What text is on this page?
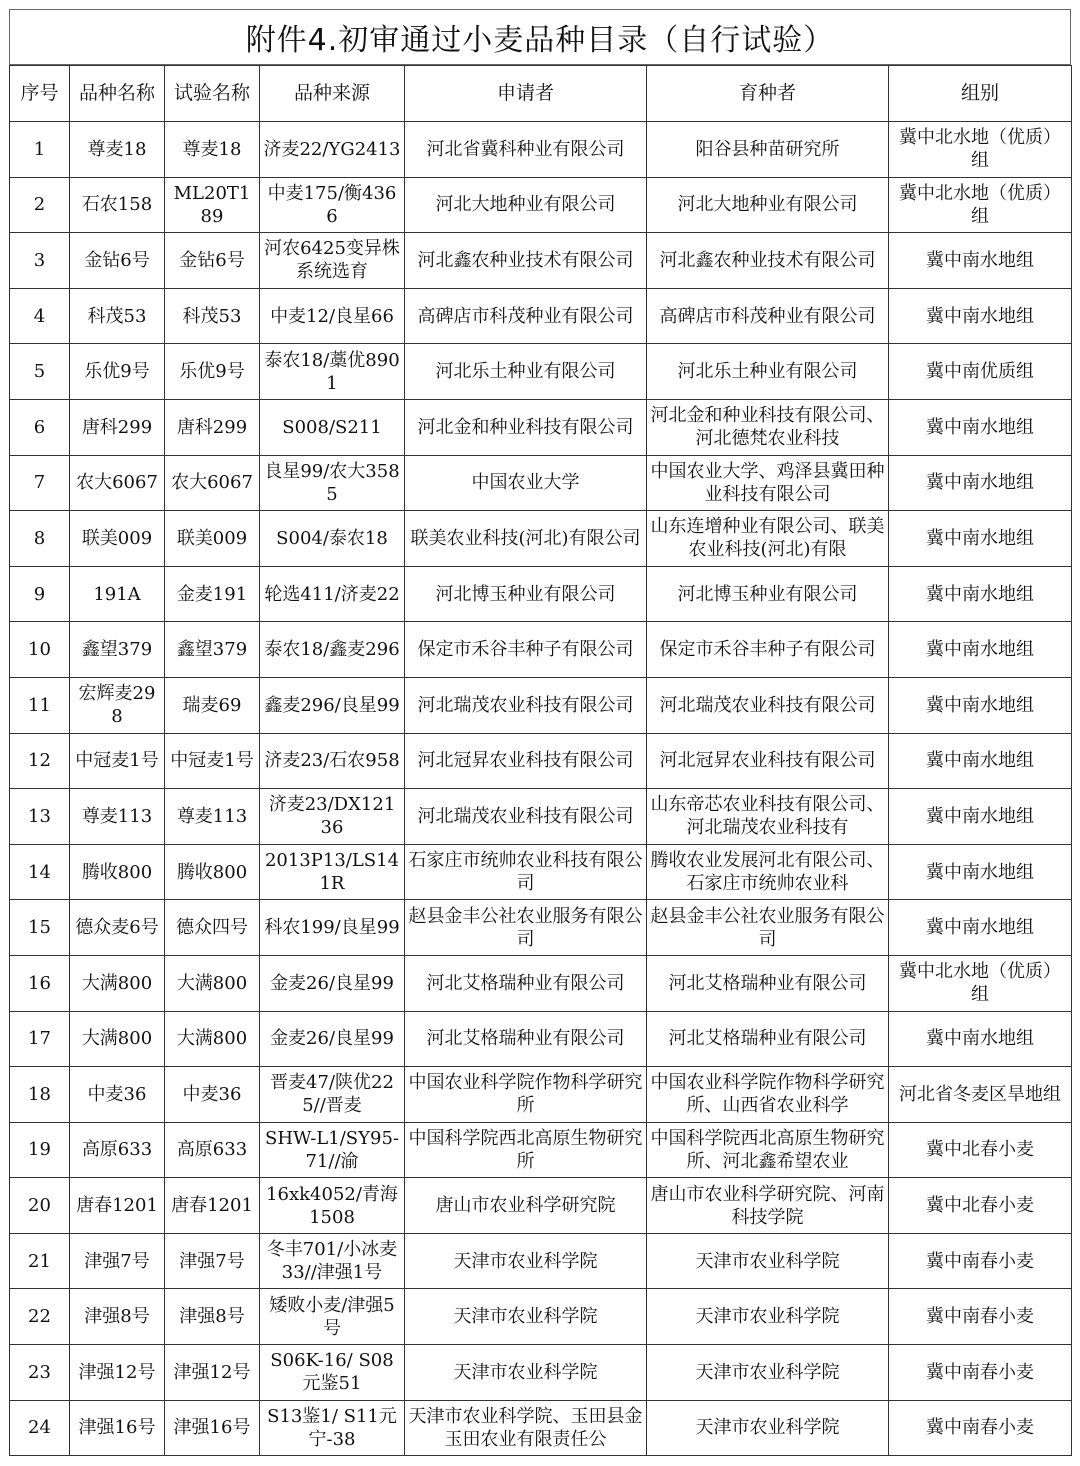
附件4.初审通过小麦品种目录（自行试验）
序号	品种名称	试验名称	品种来源	申请者	育种者	组别

1	尊麦18	尊麦18	济麦22/YG2413	河北省冀科种业有限公司	阳谷县种苗研究所	冀中北水地（优质）组

2	石农158	ML20T189	中麦175/衡4366	河北大地种业有限公司	河北大地种业有限公司	冀中北水地（优质）组

3	金钻6号	金钻6号	河农6425变异株系统选育	河北鑫农种业技术有限公司	河北鑫农种业技术有限公司	冀中南水地组

4	科茂53	科茂53	中麦12/良星66	高碑店市科茂种业有限公司	高碑店市科茂种业有限公司	冀中南水地组

5	乐优9号	乐优9号	泰农18/藁优8901	河北乐土种业有限公司	河北乐土种业有限公司	冀中南优质组

6	唐科299	唐科299	S008/S211	河北金和种业科技有限公司	河北金和种业科技有限公司、河北德梵农业科技	冀中南水地组

7	农大6067	农大6067	良星99/农大3585	中国农业大学	中国农业大学、鸡泽县冀田种业科技有限公司	冀中南水地组

8	联美009	联美009	S004/泰农18	联美农业科技(河北)有限公司	山东连增种业有限公司、联美农业科技(河北)有限	冀中南水地组

9	191A	金麦191	轮选411/济麦22	河北博玉种业有限公司	河北博玉种业有限公司	冀中南水地组

10	鑫望379	鑫望379	泰农18/鑫麦296	保定市禾谷丰种子有限公司	保定市禾谷丰种子有限公司	冀中南水地组

11	宏辉麦298	瑞麦69	鑫麦296/良星99	河北瑞茂农业科技有限公司	河北瑞茂农业科技有限公司	冀中南水地组

12	中冠麦1号	中冠麦1号	济麦23/石农958	河北冠昇农业科技有限公司	河北冠昇农业科技有限公司	冀中南水地组

13	尊麦113	尊麦113	济麦23/DX12136	河北瑞茂农业科技有限公司	山东帝芯农业科技有限公司、河北瑞茂农业科技有	冀中南水地组

14	腾收800	腾收800	2013P13/LS141R	石家庄市统帅农业科技有限公司	腾收农业发展河北有限公司、石家庄市统帅农业科	冀中南水地组

15	德众麦6号	德众四号	科农199/良星99	赵县金丰公社农业服务有限公司	赵县金丰公社农业服务有限公司	冀中南水地组

16	大满800	大满800	金麦26/良星99	河北艾格瑞种业有限公司	河北艾格瑞种业有限公司	冀中北水地（优质）组

17	大满800	大满800	金麦26/良星99	河北艾格瑞种业有限公司	河北艾格瑞种业有限公司	冀中南水地组

18	中麦36	中麦36	晋麦47/陕优225//晋麦	中国农业科学院作物科学研究所	中国农业科学院作物科学研究所、山西省农业科学	河北省冬麦区旱地组

19	高原633	高原633	SHW-L1/SY95-71//渝	中国科学院西北高原生物研究所	中国科学院西北高原生物研究所、河北鑫希望农业	冀中北春小麦

20	唐春1201	唐春1201	16xk4052/青海1508	唐山市农业科学研究院	唐山市农业科学研究院、河南科技学院	冀中北春小麦

21	津强7号	津强7号	冬丰701/小冰麦33//津强1号	天津市农业科学院	天津市农业科学院	冀中南春小麦

22	津强8号	津强8号	矮败小麦/津强5号	天津市农业科学院	天津市农业科学院	冀中南春小麦

23	津强12号	津强12号	S06K-16/ S08元鉴51	天津市农业科学院	天津市农业科学院	冀中南春小麦

24	津强16号	津强16号	S13鉴1/ S11元宁-38	天津市农业科学院、玉田县金玉田农业有限责任公	天津市农业科学院	冀中南春小麦
